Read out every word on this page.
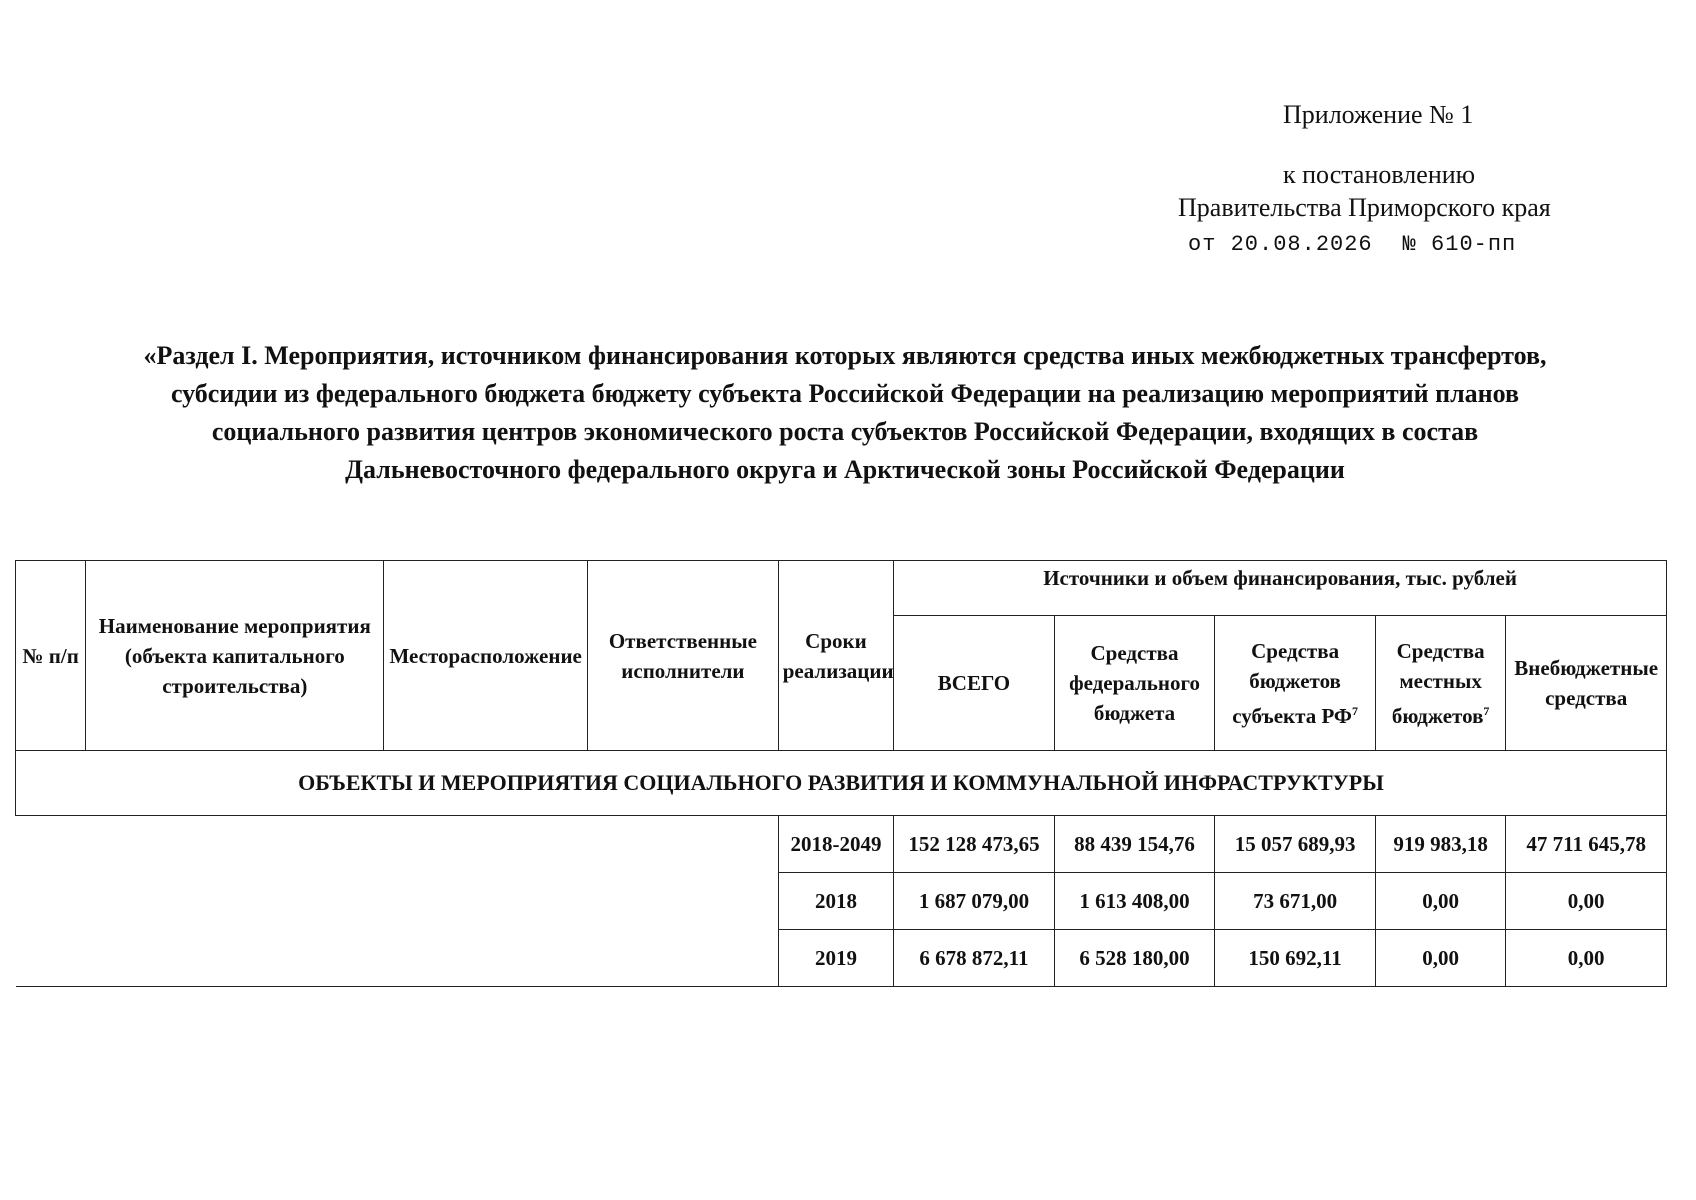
Приложение № 1
к постановлению
Правительства Приморского края
от 20.08.2026 № 610-пп
«Раздел I. Мероприятия, источником финансирования которых являются средства иных межбюджетных трансфертов,
субсидии из федерального бюджета бюджету субъекта Российской Федерации на реализацию мероприятий планов
социального развития центров экономического роста субъектов Российской Федерации, входящих в состав
Дальневосточного федерального округа и Арктической зоны Российской Федерации
№ п/п	Наименование мероприятия (объекта капитального строительства)	Месторасположение	Ответственные исполнители	Сроки реализации	Источники и объем финансирования, тыс. рублей				
					ВСЕГО	Средства федерального бюджета	Средства бюджетов субъекта $РФ^7$	Средства местных бюджетов$^7$	Внебюджетные средства
ОБЪЕКТЫ И МЕРОПРИЯТИЯ СОЦИАЛЬНОГО РАЗВИТИЯ И КОММУНАЛЬНОЙ ИНФРАСТРУКТУРЫ									
				2018-2049	152 128 473,65	88 439 154,76	15 057 689,93	919 983,18	47 711 645,78
				2018	1 687 079,00	1 613 408,00	73 671,00	0,00	0,00
				2019	6 678 872,11	6 528 180,00	150 692,11	0,00	0,00
